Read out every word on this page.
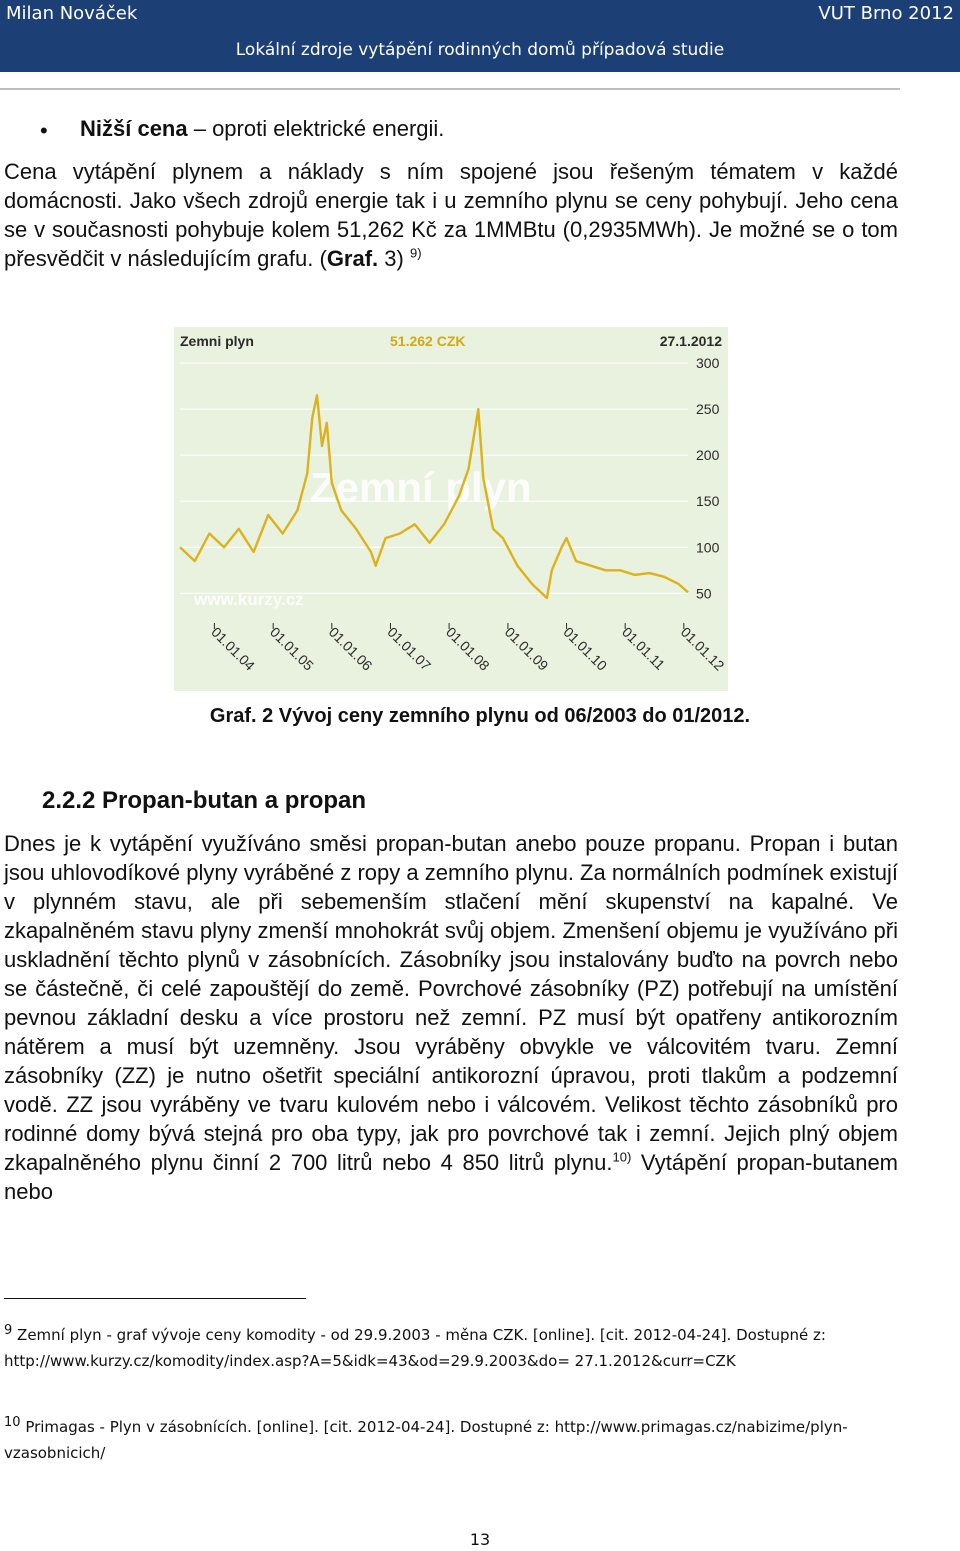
Milan Nováček	VUT Brno 2012
Lokální zdroje vytápění rodinných domů případová studie
• Nižší cena – oproti elektrické energii.
Cena vytápění plynem a náklady s ním spojené jsou řešeným tématem v každé domácnosti. Jako všech zdrojů energie tak i u zemního plynu se ceny pohybují. Jeho cena se v současnosti pohybuje kolem 51,262 Kč za 1MMBtu (0,2935MWh). Je možné se o tom přesvědčit v následujícím grafu. (Graf. 3) $^{9)}$
Zemní plyn
www.kurzy.cz
300
250
200
150
100
50
01.01.04 01.01.05 01.01.06 01.01.07 01.01.08 01.01.09 01.01.10 01.01.11 01.01.12
Zemni plyn	51.262 CZK	27.1.2012
Graf. 2 Vývoj ceny zemního plynu od 06/2003 do 01/2012.
2.2.2 Propan-butan a propan
Dnes je k vytápění využíváno směsi propan-butan anebo pouze propanu. Propan i butan jsou uhlovodíkové plyny vyráběné z ropy a zemního plynu. Za normálních podmínek existují v plynném stavu, ale při sebemenším stlačení mění skupenství na kapalné. Ve zkapalněném stavu plyny zmenší mnohokrát svůj objem. Zmenšení objemu je využíváno při uskladnění těchto plynů v zásobnících. Zásobníky jsou instalovány buďto na povrch nebo se částečně, či celé zapouštějí do země. Povrchové zásobníky (PZ) potřebují na umístění pevnou základní desku a více prostoru než zemní. PZ musí být opatřeny antikorozním nátěrem a musí být uzemněny. Jsou vyráběny obvykle ve válcovitém tvaru. Zemní zásobníky (ZZ) je nutno ošetřit speciální antikorozní úpravou, proti tlakům a podzemní vodě. ZZ jsou vyráběny ve tvaru kulovém nebo i válcovém. Velikost těchto zásobníků pro rodinné domy bývá stejná pro oba typy, jak pro povrchové tak i zemní. Jejich plný objem zkapalněného plynu činní 2 700 litrů nebo 4 850 litrů plynu.$^{10)}$ Vytápění propan-butanem nebo
$^9$ Zemní plyn - graf vývoje ceny komodity - od 29.9.2003 - měna CZK. [online]. [cit. 2012-04-24]. Dostupné z: http://www.kurzy.cz/komodity/index.asp?A=5&idk=43&od=29.9.2003&do= 27.1.2012&curr=CZK
$^{10}$ Primagas - Plyn v zásobnících. [online]. [cit. 2012-04-24]. Dostupné z: http://www.primagas.cz/nabizime/plyn-vzasobnicich/
13
